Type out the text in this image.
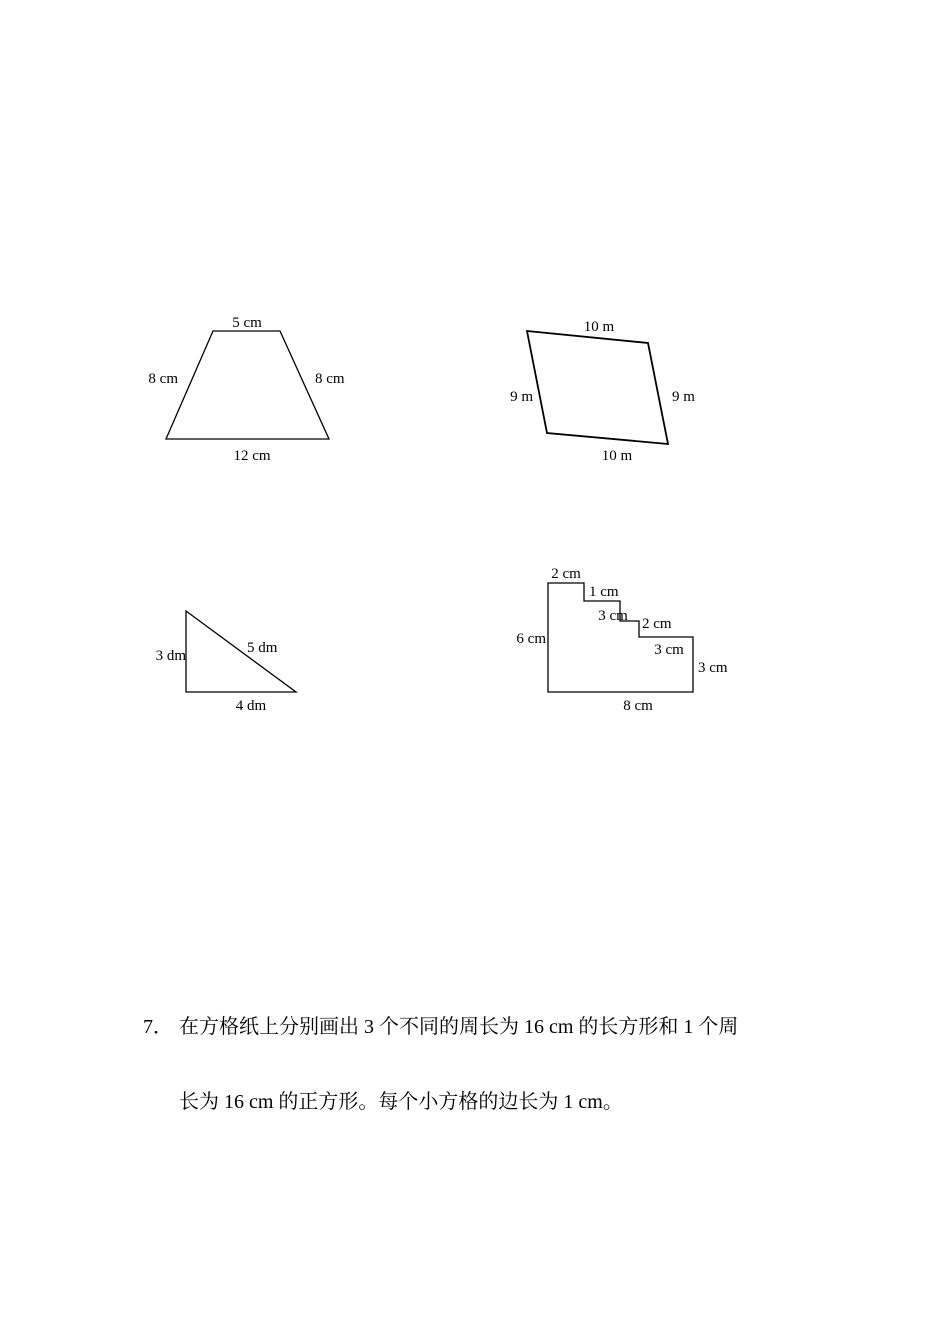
5 cm
8 cm	8 cm
12 cm
10 m
9 m	9 m
10 m
3 dm	5 dm
4 dm
2 cm
1 cm
3 cm 2 cm
3 cm
3 cm
6 cm
8 cm
7． 在方格纸上分别画出 3 个不同的周长为 16 cm 的长方形和 1 个周
长为 16 cm 的正方形。每个小方格的边长为 1 cm。
